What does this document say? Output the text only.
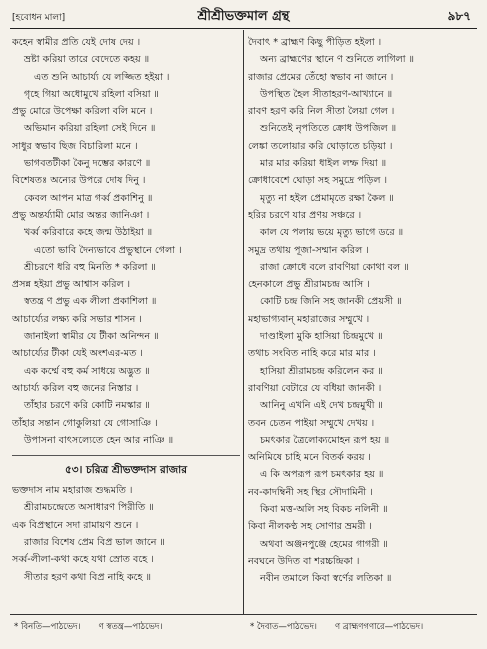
[হবোধন মালা]	শ্রীশ্রীভক্তমাল গ্রন্থ	৯৮৭
কহেন স্বামীর প্রতি যেই দোষ দেয় ।
ভ্রষ্টা করিয়া তারে বেদেতে কহয় ॥
এত শুনি আচার্য্য যে লজ্জিত হইয়া ।
গৃহে গিয়া অধোমুখে রহিলা বসিয়া ॥
প্রভু মোরে উপেক্ষা করিলা বলি মনে ।
অভিমান করিয়া রহিলা সেই দিনে ॥
সাধুর স্বভাব ছিজ বিচারিলা মনে ।
ভাগবতটীকা কৈনু দম্ভের কারণে ॥
বিশেষতঃ অন্যের উপরে দোষ দিনু ।
কেবল আপন মাত্র গর্ব্ব প্রকাশিনু ॥
প্রভু অন্তর্য্যামী মোর অন্তর জানিঞা ।
খর্ব্ব করিবারে কহে জন্ম উঠাইয়া ॥
এতো ভাবি দৈন্যভাবে প্রভুস্থানে গেলা ।
শ্রীচরণে ধরি বহু মিনতি * করিলা ॥
প্রসন্ন হইয়া প্রভু আশ্বাস করিল ।
স্বতন্ত্র ণ প্রভু এক লীলা প্রকাশিলা ॥
আচার্য্যের লক্ষ্য করি সভার শাসন ।
জানাইলা স্বামীর যে টীকা অনিন্দন ॥
আচার্য্যের টীকা যেই অংশএর-মত ।
এক কর্ম্মে বহু কর্ম সাধয়ে অদ্ভুত ॥
আচার্য্য করিল বহু জনের নিস্তার ।
তাঁহার চরণে করি কোটি নমস্কার ॥
তাঁহার সন্তান গোকুলিয়া যে গোসাঞি ।
উপাসনা বাৎসল্যেতে হেন আর নাঞি ॥
৫৩। চরিত্র শ্রীভক্তদাস রাজার
ভক্তদাস নাম মহারাজ শুদ্ধমতি ।
শ্রীরামচন্দ্রেতে অসাধারণ পিরীতি ॥
এক বিপ্রস্থানে সদা রামায়ণ শুনে ।
রাজার বিশেষ প্রেম বিপ্র ভাল জানে ॥
সর্ব্ব-লীলা-কথা কহে যথা স্রোত বহে ।
সীতার হরণ কথা বিপ্র নাহি কহে ॥
দৈবাৎ * ব্রাহ্মণ কিছু পীড়িত হইলা ।
অন্য ব্রাহ্মণের স্থানে ণ শুনিতে লাগিলা ॥
রাজার প্রেমের তেঁহো স্বভাব না জানে ।
উপস্থিত হৈল সীতাহরণ-আখ্যানে ॥
রাবণ হরণ করি নিল সীতা লৈয়া গেল ।
শুনিতেই নৃপতিতে ক্রোধ উপজিল ॥
লেঙ্কা তলোয়ার করি ঘোড়াতে চড়িয়া ।
মার মার করিয়া ধাইল লম্ফ দিয়া ॥
ক্রোধাবেশে ঘোড়া সহ সমুদ্রে পড়িল ।
মৃত্যু না হইল প্রেমামৃতে রক্ষা কৈল ॥
হরির চরণে যার প্রণয় সঞ্চরে ।
কাল যে পলায় ভয়ে মৃত্যু ভাগে ডরে ॥
সমুদ্র তথায় পূজা-সম্মান করিল ।
রাজা ক্রোধে বলে রাবণিয়া কোথা বল ॥
হেনকালে প্রভু শ্রীরামচন্দ্র আসি ।
কোটি চন্দ্র জিনি সহ জানকী প্রেয়সী ॥
মহাভাগ্যবান্ মহারাজের সম্মুখে ।
দাণ্ডাইলা মুকি হাসিয়া চিন্দ্রমুখে ॥
তথাচ সংবিত নাহি করে মার মার ।
হাসিয়া শ্রীরামচন্দ্র করিলেন কর ॥
রাবণিয়া বেটারে যে বধিয়া জানকী ।
আনিনু এখনি এই দেখ চন্দ্রমুখী ॥
তবন চেতন পাইয়া সম্মুখে দেখয় ।
চমৎকার ত্রৈলোক্যমোহন রূপ হয় ॥
অনিমিষে চাহি মনে বিতর্ক করয় ।
এ কি অপরূপ রূপ চমৎকার হয় ॥
নব-কাদম্বিনী সহ স্থির সৌদামিনী ।
কিবা মত্ত-অলি সহ বিকচ নলিনী ॥
কিবা নীলকণ্ঠ সহ সোণার ভ্রমরী ।
অথবা অঞ্জনপুঞ্জে হেমের গাগরী ॥
নবঘনে উদিত বা শরচ্চন্দ্রিকা ।
নবীন তমালে কিবা স্বর্ণের লতিকা ॥
* বিনতি—পাঠভেদ। ণ স্বতন্ত্র—পাঠভেদ।	* দৈবাত—পাঠভেদ। ণ ব্রাহ্মণগণারে—পাঠভেদ।
